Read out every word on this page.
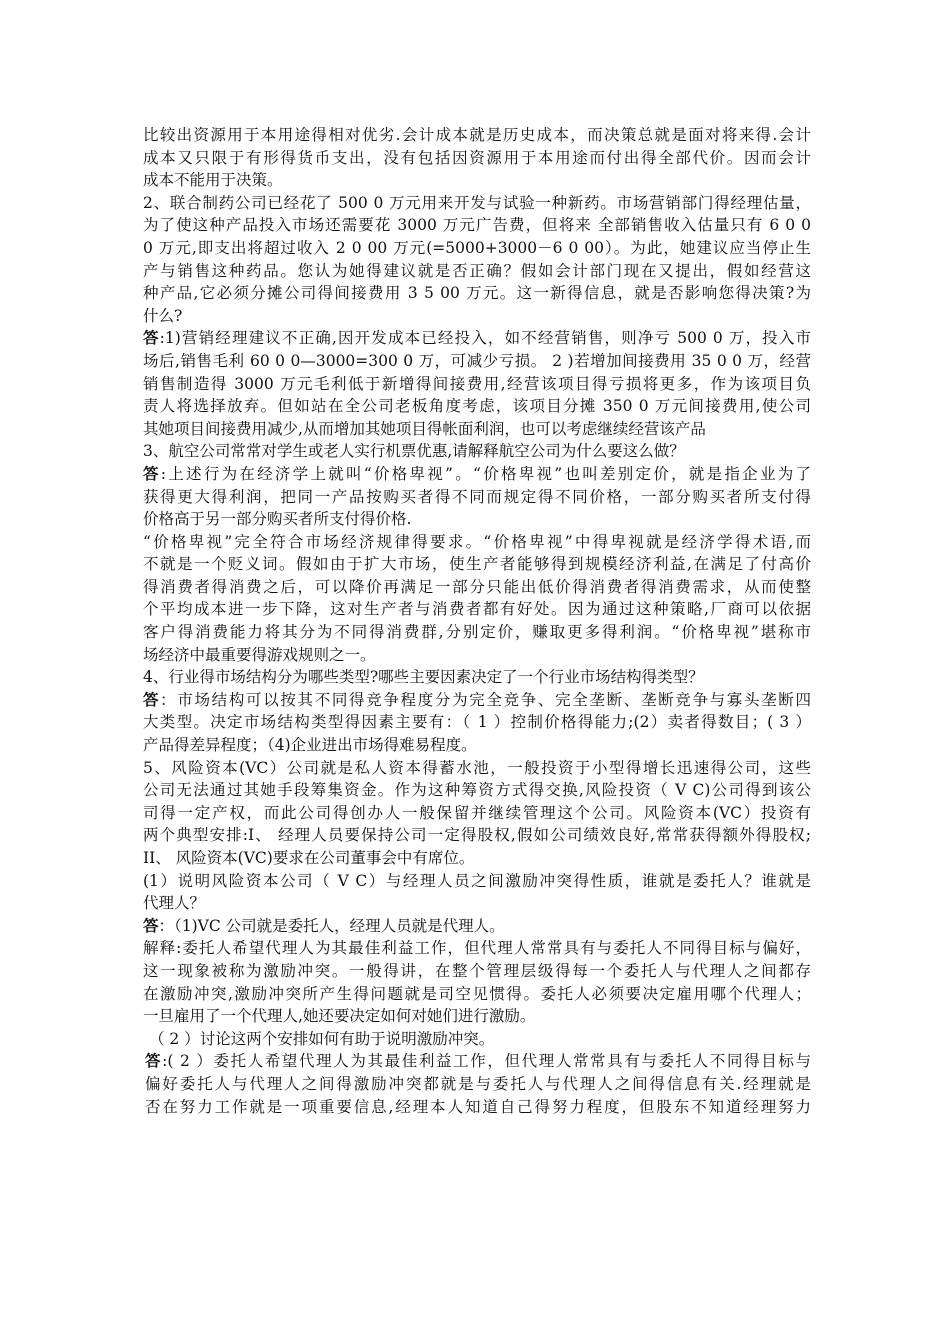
比较出资源用于本用途得相对优劣.会计成本就是历史成本，而决策总就是面对将来得.会计
成本又只限于有形得货币支出，没有包括因资源用于本用途而付出得全部代价。因而会计
成本不能用于决策。
2、联合制药公司已经花了 500 0 万元用来开发与试验一种新药。市场营销部门得经理估量，
为了使这种产品投入市场还需要花 3000 万元广告费，但将来 全部销售收入估量只有 6 0 0
0 万元,即支出将超过收入 2 0 00 万元(=5000+3000－6 0 00）。为此，她建议应当停止生
产与销售这种药品。您认为她得建议就是否正确？假如会计部门现在又提出，假如经营这
种产品,它必须分摊公司得间接费用 3 5 00 万元。这一新得信息，就是否影响您得决策?为
什么?
答:1)营销经理建议不正确,因开发成本已经投入，如不经营销售，则净亏 500 0 万，投入市
场后,销售毛利 60 0 0—3000=300 0 万，可减少亏损。 2 )若增加间接费用 35 0 0 万，经营
销售制造得 3000 万元毛利低于新增得间接费用,经营该项目得亏损将更多，作为该项目负
责人将选择放弃。但如站在全公司老板角度考虑，该项目分摊 350 0 万元间接费用,使公司
其她项目间接费用减少,从而增加其她项目得帐面利润，也可以考虑继续经营该产品
3、航空公司常常对学生或老人实行机票优惠,请解释航空公司为什么要这么做？
答:上述行为在经济学上就叫“价格卑视”。“价格卑视”也叫差别定价，就是指企业为了
获得更大得利润，把同一产品按购买者得不同而规定得不同价格，一部分购买者所支付得
价格高于另一部分购买者所支付得价格.
“价格卑视”完全符合市场经济规律得要求。“价格卑视”中得卑视就是经济学得术语,而
不就是一个贬义词。假如由于扩大市场，使生产者能够得到规模经济利益,在满足了付高价
得消费者得消费之后，可以降价再满足一部分只能出低价得消费者得消费需求，从而使整
个平均成本进一步下降，这对生产者与消费者都有好处。因为通过这种策略,厂商可以依据
客户得消费能力将其分为不同得消费群,分别定价，赚取更多得利润。“价格卑视”堪称市
场经济中最重要得游戏规则之一。
4、行业得市场结构分为哪些类型?哪些主要因素决定了一个行业市场结构得类型？
答：市场结构可以按其不同得竞争程度分为完全竞争、完全垄断、垄断竞争与寡头垄断四
大类型。决定市场结构类型得因素主要有：（ 1 ）控制价格得能力;(2）卖者得数目；( 3 ）
产品得差异程度；（4)企业进出市场得难易程度。
5、风险资本(VC）公司就是私人资本得蓄水池，一般投资于小型得增长迅速得公司，这些
公司无法通过其她手段筹集资金。作为这种筹资方式得交换,风险投资（ V C)公司得到该公
司得一定产权，而此公司得创办人一般保留并继续管理这个公司。风险资本(VC）投资有
两个典型安排:I、 经理人员要保持公司一定得股权,假如公司绩效良好,常常获得额外得股权;
II、 风险资本(VC)要求在公司董事会中有席位。
(1）说明风险资本公司（ V C）与经理人员之间激励冲突得性质，谁就是委托人？谁就是
代理人？
答：（1)VC 公司就是委托人，经理人员就是代理人。
解释:委托人希望代理人为其最佳利益工作，但代理人常常具有与委托人不同得目标与偏好，
这一现象被称为激励冲突。一般得讲，在整个管理层级得每一个委托人与代理人之间都存
在激励冲突,激励冲突所产生得问题就是司空见惯得。委托人必须要决定雇用哪个代理人；
一旦雇用了一个代理人,她还要决定如何对她们进行激励。
（ 2 ）讨论这两个安排如何有助于说明激励冲突。
答:( 2 ）委托人希望代理人为其最佳利益工作，但代理人常常具有与委托人不同得目标与
偏好委托人与代理人之间得激励冲突都就是与委托人与代理人之间得信息有关.经理就是
否在努力工作就是一项重要信息,经理本人知道自己得努力程度，但股东不知道经理努力
